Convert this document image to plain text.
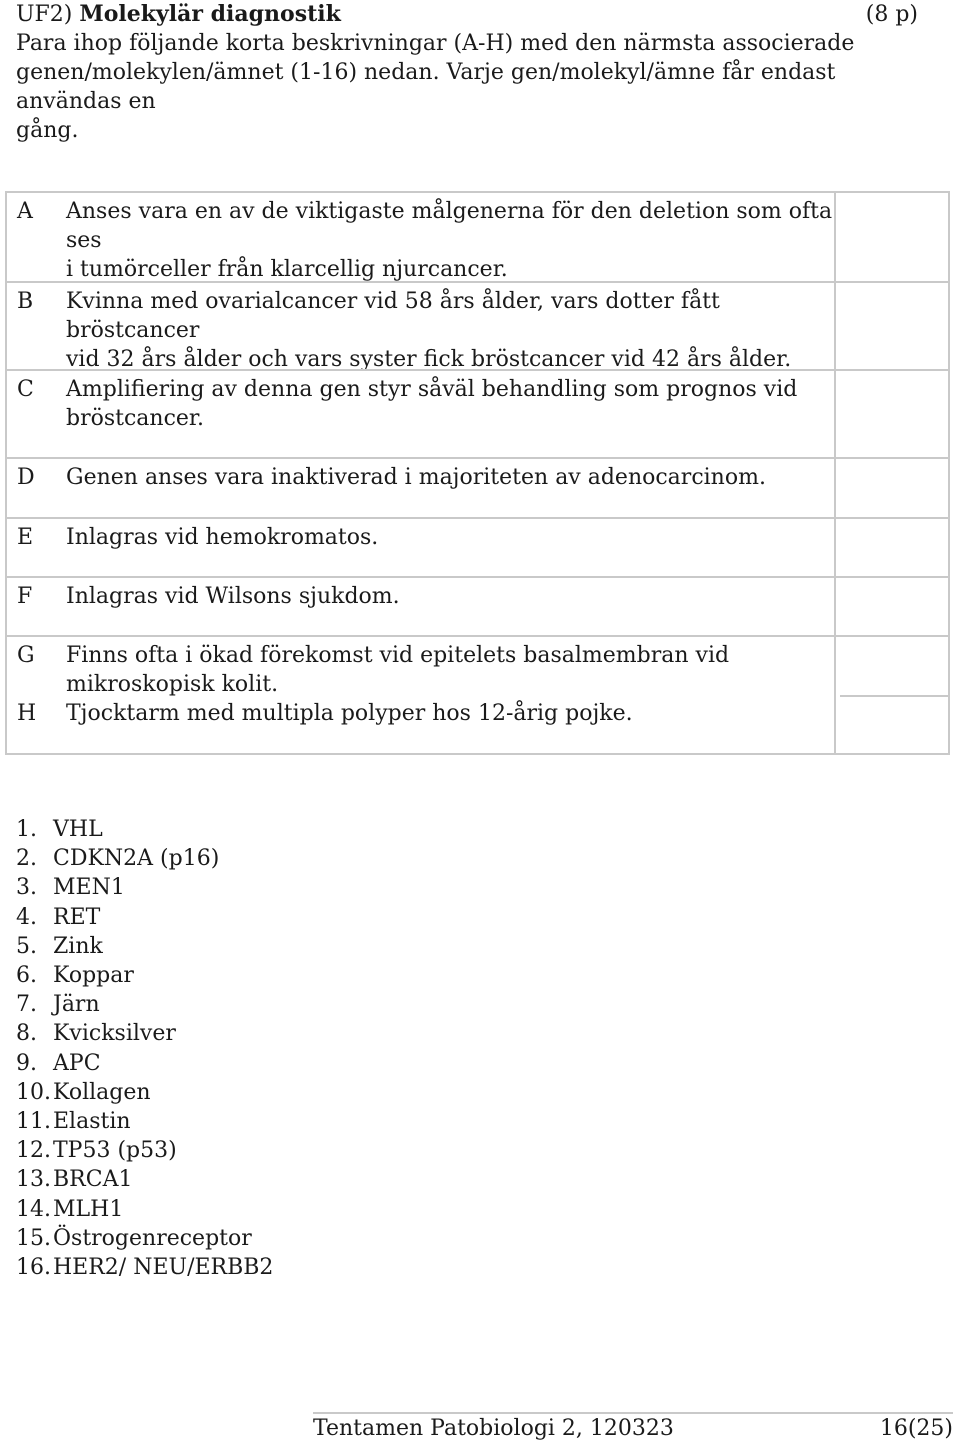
UF2) Molekylär diagnostik	(8 p)
Para ihop följande korta beskrivningar (A-H) med den närmsta associerade
genen/molekylen/ämnet (1-16) nedan. Varje gen/molekyl/ämne får endast användas en
gång.
A Anses vara en av de viktigaste målgenerna för den deletion som ofta ses
i tumörceller från klarcellig njurcancer.
B Kvinna med ovarialcancer vid 58 års ålder, vars dotter fått bröstcancer
vid 32 års ålder och vars syster fick bröstcancer vid 42 års ålder.
C Amplifiering av denna gen styr såväl behandling som prognos vid
bröstcancer.
D Genen anses vara inaktiverad i majoriteten av adenocarcinom.
E Inlagras vid hemokromatos.
F Inlagras vid Wilsons sjukdom.
G Finns ofta i ökad förekomst vid epitelets basalmembran vid
mikroskopisk kolit.
H Tjocktarm med multipla polyper hos 12-årig pojke.
1. VHL
2. CDKN2A (p16)
3. MEN1
4. RET
5. Zink
6. Koppar
7. Järn
8. Kvicksilver
9. APC
10. Kollagen
11. Elastin
12. TP53 (p53)
13. BRCA1
14. MLH1
15. Östrogenreceptor
16. HER2/ NEU/ERBB2
Tentamen Patobiologi 2, 120323	16(25)
